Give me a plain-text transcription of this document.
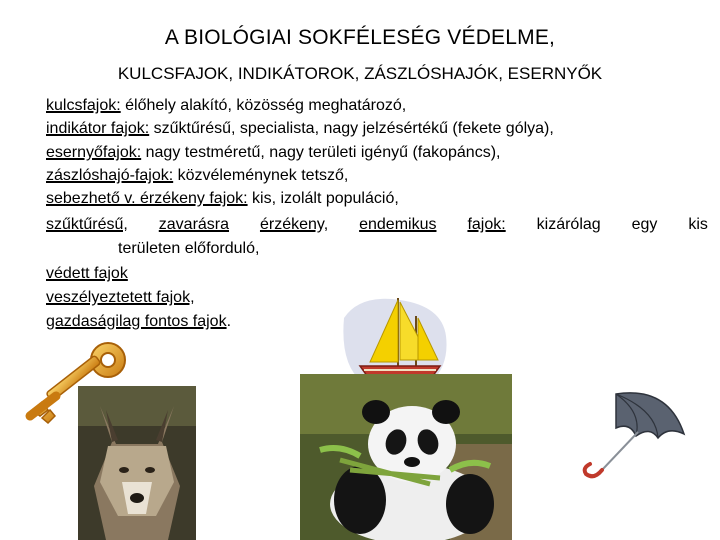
A BIOLÓGIAI SOKFÉLESÉG VÉDELME,
KULCSFAJOK, INDIKÁTOROK, ZÁSZLÓSHAJÓK, ESERNYŐK
kulcsfajok: élőhely alakító, közösség meghatározó,
indikátor fajok: szűktűrésű, specialista, nagy jelzésértékű (fekete gólya),
esernyőfajok: nagy testméretű, nagy területi igényű (fakopáncs),
zászlóshajó-fajok: közvéleménynek tetsző,
sebezhető v. érzékeny fajok: kis, izolált populáció,
szűktűrésű, zavarásra érzékeny, endemikus fajok: kizárólag egy kis
területen előforduló,
védett fajok
veszélyeztetett fajok,
gazdaságilag fontos fajok.
